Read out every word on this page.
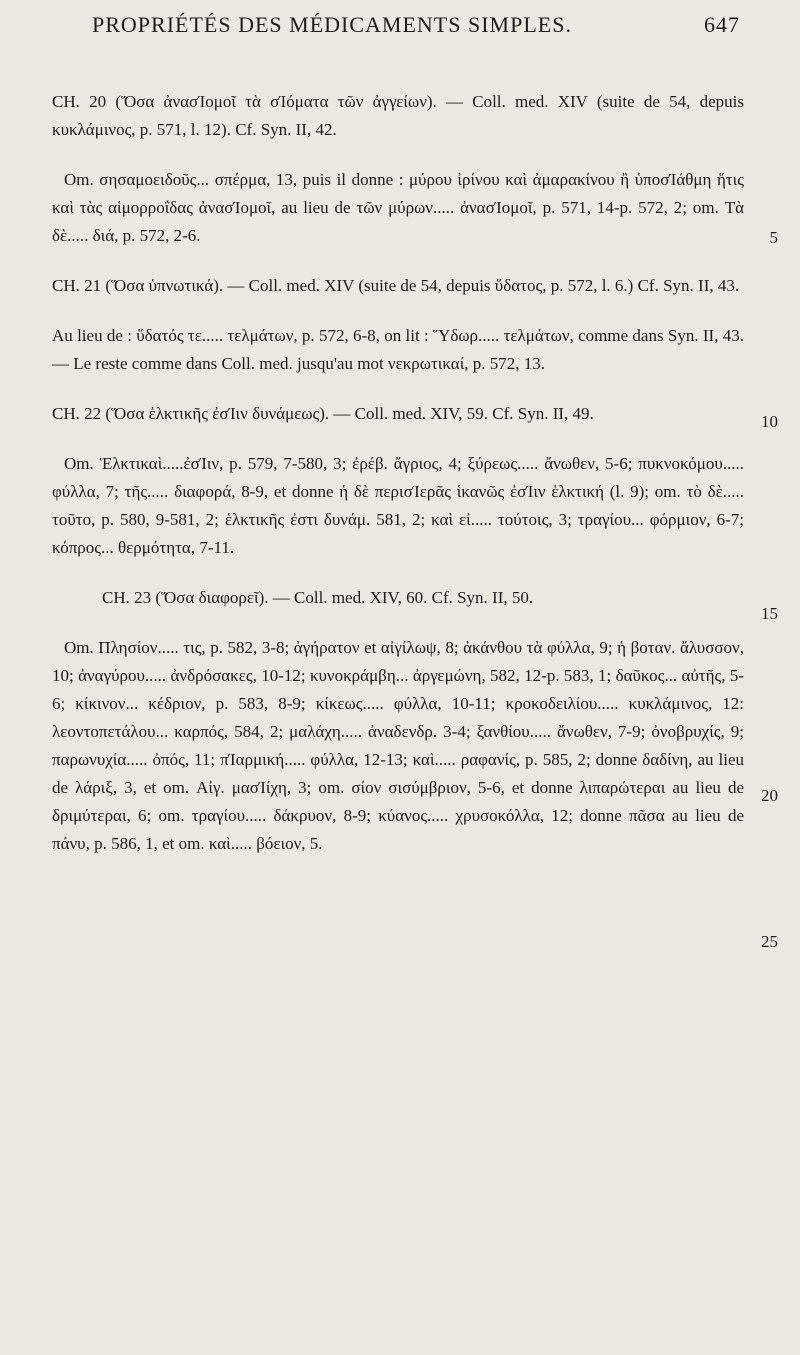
PROPRIÉTÉS DES MÉDICAMENTS SIMPLES.	647

CH. 20 (Ὅσα ἀνασΊομοῖ τὰ σΊόματα τῶν ἀγγείων). — Coll. med. XIV (suite de 54, depuis κυκλάμινος, p. 571, l. 12). Cf. Syn. II, 42.

Om. σησαμοειδοῦς... σπέρμα, 13, puis il donne : μύρου ἰρίνου καὶ ἀμαρακίνου ἢ ὑποσΊάθμη ἥτις καὶ τὰς αἱμορροΐδας ἀνασΊομοῖ, au lieu de τῶν μύρων..... ἀνασΊομοῖ, p. 571, 14-p. 572, 2; om. Τὰ δὲ..... διά, p. 572, 2-6.

CH. 21 (Ὅσα ὑπνωτικά). — Coll. med. XIV (suite de 54, depuis ὕδατος, p. 572, l. 6.) Cf. Syn. II, 43.

Au lieu de : ὕδατός τε..... τελμάτων, p. 572, 6-8, on lit : Ὕδωρ..... τελμάτων, comme dans Syn. II, 43. — Le reste comme dans Coll. med. jusqu'au mot νεκρωτικαί, p. 572, 13.

CH. 22 (Ὅσα ἑλκτικῆς ἐσΊιν δυνάμεως). — Coll. med. XIV, 59. Cf. Syn. II, 49.

Om. Ἑλκτικαὶ.....ἐσΊιν, p. 579, 7-580, 3; ἐρέβ. ἄγριος, 4; ξύρεως..... ἄνωθεν, 5-6; πυκνοκόμου..... φύλλα, 7; τῆς..... διαφορά, 8-9, et donne ἡ δὲ περισΊερᾶς ἱκανῶς ἐσΊιν ἑλκτική (l. 9); om. τὸ δὲ..... τοῦτο, p. 580, 9-581, 2; ἑλκτικῆς ἐστι δυνάμ. 581, 2; καὶ εἰ..... τούτοις, 3; τραγίου... φόρμιον, 6-7; κόπρος... θερμότητα, 7-11.

CH. 23 (Ὅσα διαφορεῖ). — Coll. med. XIV, 60. Cf. Syn. II, 50.

Om. Πλησίον..... τις, p. 582, 3-8; ἀγήρατον et αἰγίλωψ, 8; ἀκάνθου τὰ φύλλα, 9; ἡ βοταν. ἄλυσσον, 10; ἀναγύρου..... ἀνδρόσακες, 10-12; κυνοκράμβη... ἀργεμώνη, 582, 12-p. 583, 1; δαῦκος... αὐτῆς, 5-6; κίκινον... κέδριον, p. 583, 8-9; κίκεως..... φύλλα, 10-11; κροκοδειλίου..... κυκλάμινος, 12: λεοντοπετάλου... καρπός, 584, 2; μαλάχη..... ἀναδενδρ. 3-4; ξανθίου..... ἄνωθεν, 7-9; ὀνοβρυχίς, 9; παρωνυχία..... ὀπός, 11; πΊαρμική..... φύλλα, 12-13; καὶ..... ραφανίς, p. 585, 2; donne δαδίνη, au lieu de λάριξ, 3, et om. Αἰγ. μασΊίχη, 3; om. σίον σισύμβριον, 5-6, et donne λιπαρώτεραι au lieu de δριμύτεραι, 6; om. τραγίου..... δάκρυον, 8-9; κύανος..... χρυσοκόλλα, 12; donne πᾶσα au lieu de πάνυ, p. 586, 1, et om. καὶ..... βόειον, 5.

5
10
15
20
25
